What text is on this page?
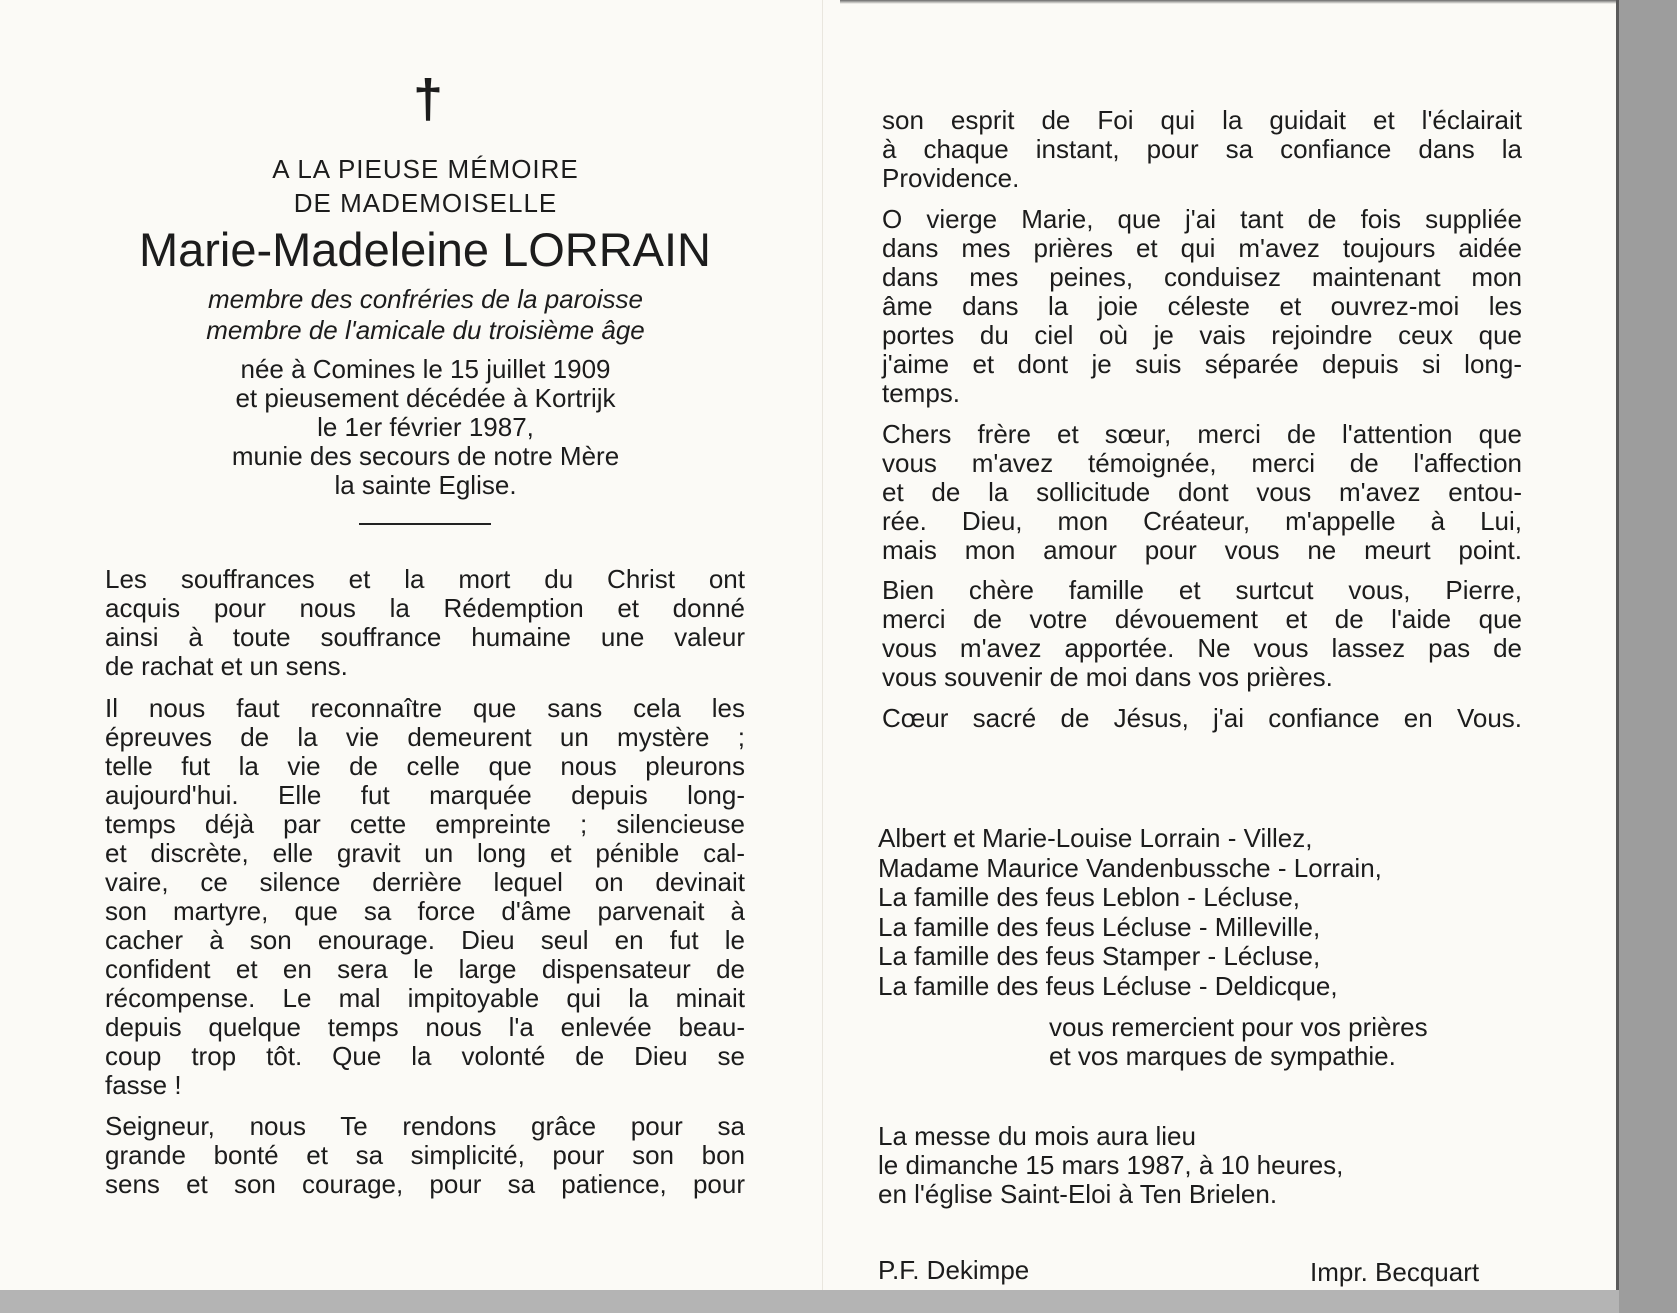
†
A LA PIEUSE MÉMOIRE
DE MADEMOISELLE
Marie-Madeleine LORRAIN
membre des confréries de la paroisse
membre de l'amicale du troisième âge
née à Comines le 15 juillet 1909
et pieusement décédée à Kortrijk
le 1er février 1987,
munie des secours de notre Mère
la sainte Eglise.
Les souffrances et la mort du Christ ont
acquis pour nous la Rédemption et donné
ainsi à toute souffrance humaine une valeur
de rachat et un sens.
Il nous faut reconnaître que sans cela les
épreuves de la vie demeurent un mystère ;
telle fut la vie de celle que nous pleurons
aujourd'hui. Elle fut marquée depuis long-
temps déjà par cette empreinte ; silencieuse
et discrète, elle gravit un long et pénible cal-
vaire, ce silence derrière lequel on devinait
son martyre, que sa force d'âme parvenait à
cacher à son enourage. Dieu seul en fut le
confident et en sera le large dispensateur de
récompense. Le mal impitoyable qui la minait
depuis quelque temps nous l'a enlevée beau-
coup trop tôt. Que la volonté de Dieu se
fasse !
Seigneur, nous Te rendons grâce pour sa
grande bonté et sa simplicité, pour son bon
sens et son courage, pour sa patience, pour
son esprit de Foi qui la guidait et l'éclairait
à chaque instant, pour sa confiance dans la
Providence.
O vierge Marie, que j'ai tant de fois suppliée
dans mes prières et qui m'avez toujours aidée
dans mes peines, conduisez maintenant mon
âme dans la joie céleste et ouvrez-moi les
portes du ciel où je vais rejoindre ceux que
j'aime et dont je suis séparée depuis si long-
temps.
Chers frère et sœur, merci de l'attention que
vous m'avez témoignée, merci de l'affection
et de la sollicitude dont vous m'avez entou-
rée. Dieu, mon Créateur, m'appelle à Lui,
mais mon amour pour vous ne meurt point.
Bien chère famille et surtcut vous, Pierre,
merci de votre dévouement et de l'aide que
vous m'avez apportée. Ne vous lassez pas de
vous souvenir de moi dans vos prières.
Cœur sacré de Jésus, j'ai confiance en Vous.
Albert et Marie-Louise Lorrain - Villez,
Madame Maurice Vandenbussche - Lorrain,
La famille des feus Leblon - Lécluse,
La famille des feus Lécluse - Milleville,
La famille des feus Stamper - Lécluse,
La famille des feus Lécluse - Deldicque,
vous remercient pour vos prières
et vos marques de sympathie.
La messe du mois aura lieu
le dimanche 15 mars 1987, à 10 heures,
en l'église Saint-Eloi à Ten Brielen.
P.F. Dekimpe	Impr. Becquart
